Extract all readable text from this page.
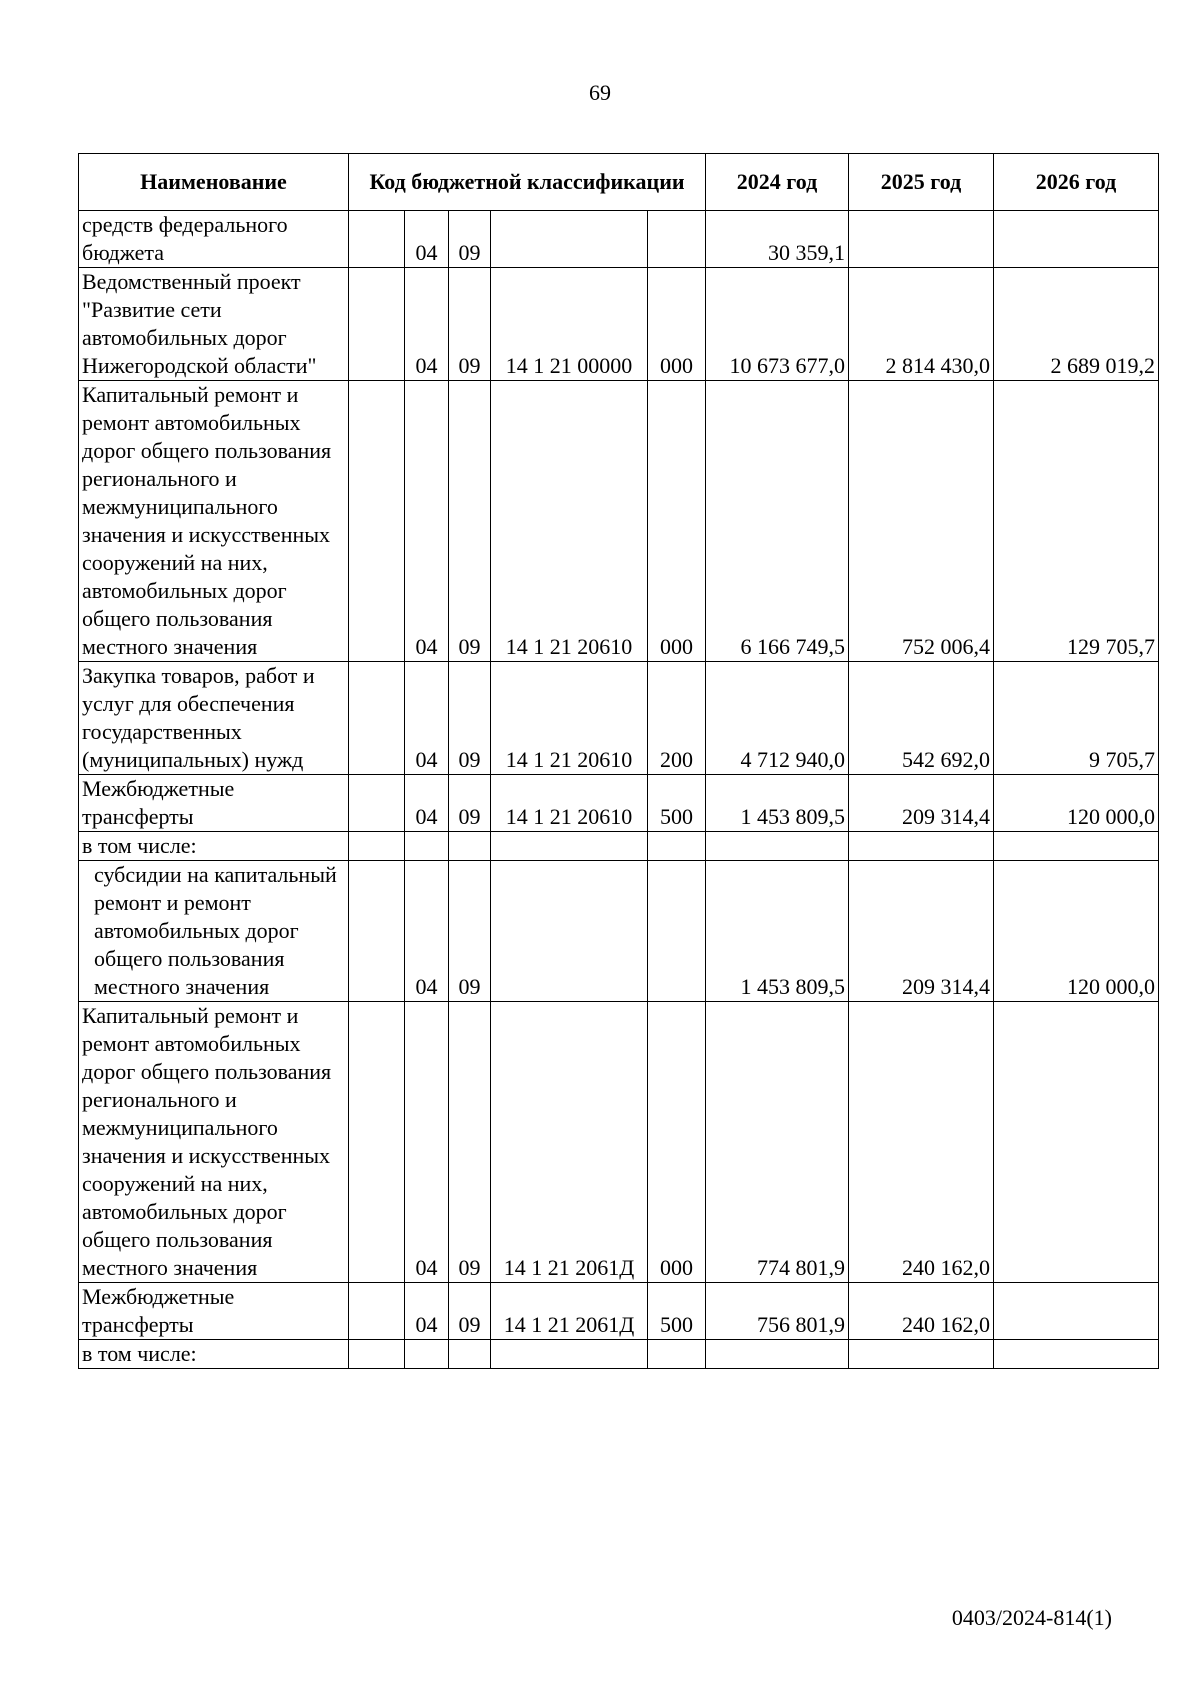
69
Наименование	Код бюджетной классификации					2024 год	2025 год	2026 год
средств федерального бюджета		04	09			30 359,1		
Ведомственный проект "Развитие сети автомобильных дорог Нижегородской области"		04	09	14 1 21 00000	000	10 673 677,0	2 814 430,0	2 689 019,2
Капитальный ремонт и ремонт автомобильных дорог общего пользования регионального и межмуниципального значения и искусственных сооружений на них, автомобильных дорог общего пользования местного значения		04	09	14 1 21 20610	000	6 166 749,5	752 006,4	129 705,7
Закупка товаров, работ и услуг для обеспечения государственных (муниципальных) нужд		04	09	14 1 21 20610	200	4 712 940,0	542 692,0	9 705,7
Межбюджетные трансферты		04	09	14 1 21 20610	500	1 453 809,5	209 314,4	120 000,0
в том числе:								
субсидии на капитальный ремонт и ремонт автомобильных дорог общего пользования местного значения		04	09			1 453 809,5	209 314,4	120 000,0
Капитальный ремонт и ремонт автомобильных дорог общего пользования регионального и межмуниципального значения и искусственных сооружений на них, автомобильных дорог общего пользования местного значения		04	09	14 1 21 2061Д	000	774 801,9	240 162,0	
Межбюджетные трансферты		04	09	14 1 21 2061Д	500	756 801,9	240 162,0	
в том числе:								
0403/2024-814(1)
